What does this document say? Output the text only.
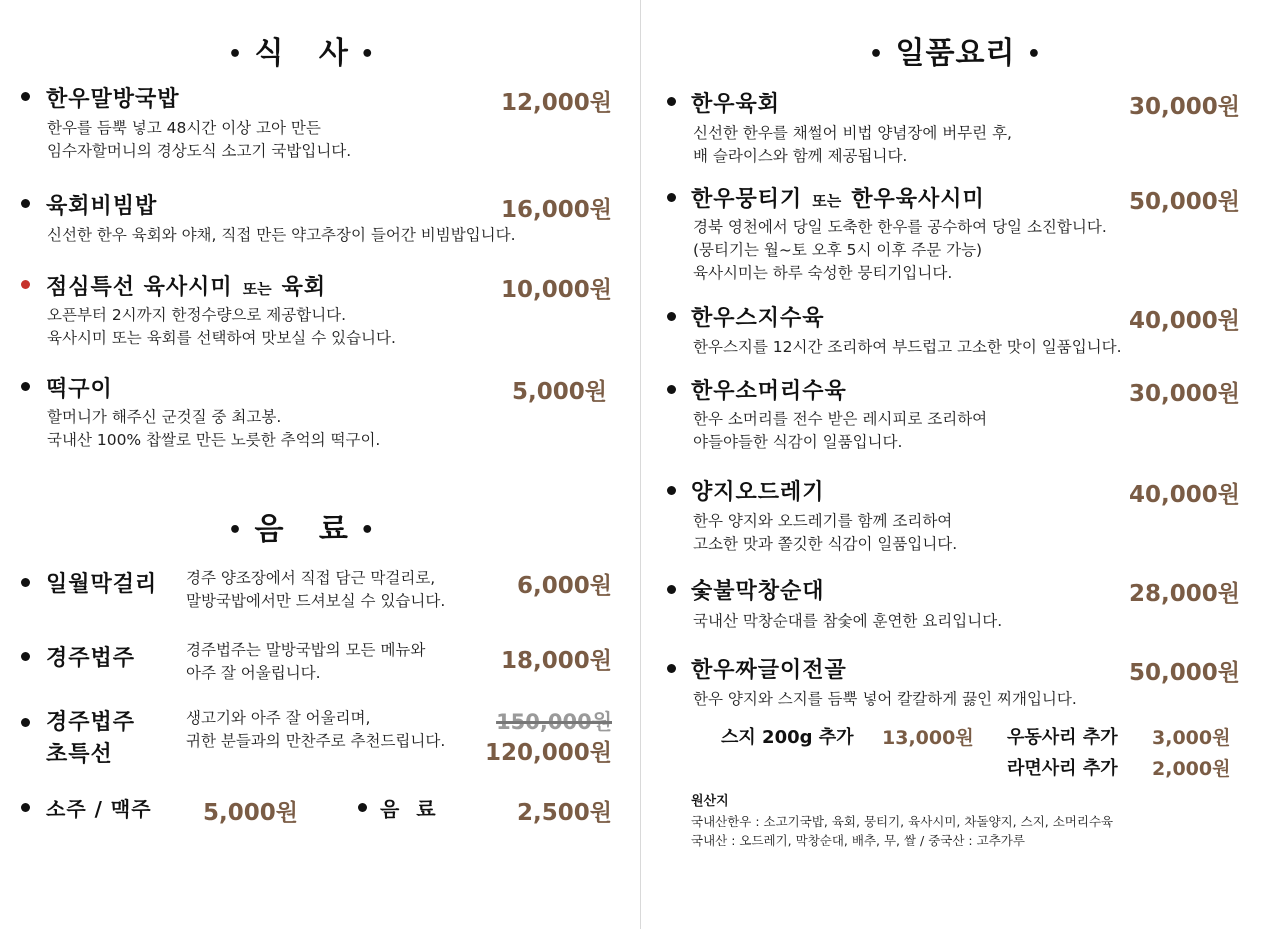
• 식   사 •
한우말방국밥	12,000원
한우를 듬뿍 넣고 48시간 이상 고아 만든
임수자할머니의 경상도식 소고기 국밥입니다.
육회비빔밥	16,000원
신선한 한우 육회와 야채, 직접 만든 약고추장이 들어간 비빔밥입니다.
점심특선 육사시미 또는 육회	10,000원
오픈부터 2시까지 한정수량으로 제공합니다.
육사시미 또는 육회를 선택하여 맛보실 수 있습니다.
떡구이	5,000원
할머니가 해주신 군것질 중 최고봉.
국내산 100% 찹쌀로 만든 노릇한 추억의 떡구이.
• 음   료 •
일월막걸리 경주 양조장에서 직접 담근 막걸리로,
말방국밥에서만 드셔보실 수 있습니다.
6,000원
경주법주	경주법주는 말방국밥의 모든 메뉴와
아주 잘 어울립니다.	18,000원
경주법주
초특선
생고기와 아주 잘 어울리며,
귀한 분들과의 만찬주로 추천드립니다.
150,000원
120,000원
소주 / 맥주 5,000원	음  료	2,500원
• 일품요리 •
한우육회	30,000원
신선한 한우를 채썰어 비법 양념장에 버무린 후,
배 슬라이스와 함께 제공됩니다.
한우뭉티기 또는 한우육사시미	50,000원
경북 영천에서 당일 도축한 한우를 공수하여 당일 소진합니다.
(뭉티기는 월~토 오후 5시 이후 주문 가능)
육사시미는 하루 숙성한 뭉티기입니다.
한우스지수육	40,000원
한우스지를 12시간 조리하여 부드럽고 고소한 맛이 일품입니다.
한우소머리수육	30,000원
한우 소머리를 전수 받은 레시피로 조리하여
야들야들한 식감이 일품입니다.
양지오드레기	40,000원
한우 양지와 오드레기를 함께 조리하여
고소한 맛과 쫄깃한 식감이 일품입니다.
숯불막창순대	28,000원
국내산 막창순대를 참숯에 훈연한 요리입니다.
한우짜글이전골	50,000원
한우 양지와 스지를 듬뿍 넣어 칼칼하게 끓인 찌개입니다.
스지 200g 추가 13,000원 우동사리 추가 3,000원
라면사리 추가 2,000원
원산지
국내산한우 : 소고기국밥, 육회, 뭉티기, 육사시미, 차돌양지, 스지, 소머리수육
국내산 : 오드레기, 막창순대, 배추, 무, 쌀 / 중국산 : 고추가루
